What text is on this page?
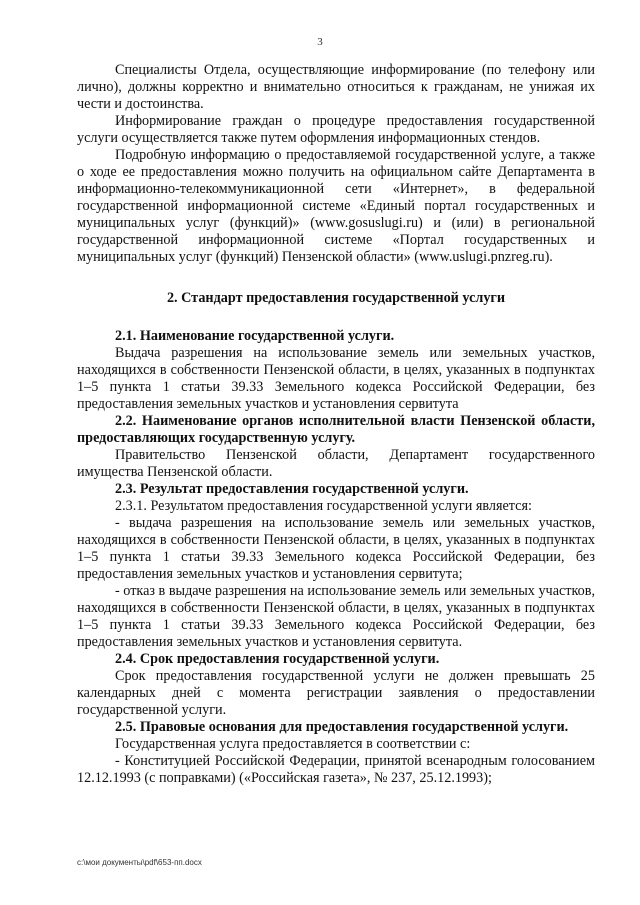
3

Специалисты Отдела, осуществляющие информирование (по телефону или лично), должны корректно и внимательно относиться к гражданам, не унижая их чести и достоинства.

Информирование граждан о процедуре предоставления государственной услуги осуществляется также путем оформления информационных стендов.

Подробную информацию о предоставляемой государственной услуге, а также о ходе ее предоставления можно получить на официальном сайте Департамента в информационно-телекоммуникационной сети «Интернет», в федеральной государственной информационной системе «Единый портал государственных и муниципальных услуг (функций)» (www.gosuslugi.ru) и (или) в региональной государственной информационной системе «Портал государственных и муниципальных услуг (функций) Пензенской области» (www.uslugi.pnzreg.ru).

2. Стандарт предоставления государственной услуги

2.1. Наименование государственной услуги.

Выдача разрешения на использование земель или земельных участков, находящихся в собственности Пензенской области, в целях, указанных в подпунктах 1–5 пункта 1 статьи 39.33 Земельного кодекса Российской Федерации, без предоставления земельных участков и установления сервитута

2.2. Наименование органов исполнительной власти Пензенской области, предоставляющих государственную услугу.

Правительство Пензенской области, Департамент государственного имущества Пензенской области.

2.3. Результат предоставления государственной услуги.

2.3.1. Результатом предоставления государственной услуги является:

- выдача разрешения на использование земель или земельных участков, находящихся в собственности Пензенской области, в целях, указанных в подпунктах 1–5 пункта 1 статьи 39.33 Земельного кодекса Российской Федерации, без предоставления земельных участков и установления сервитута;

- отказ в выдаче разрешения на использование земель или земельных участков, находящихся в собственности Пензенской области, в целях, указанных в подпунктах 1–5 пункта 1 статьи 39.33 Земельного кодекса Российской Федерации, без предоставления земельных участков и установления сервитута.

2.4. Срок предоставления государственной услуги.

Срок предоставления государственной услуги не должен превышать 25 календарных дней с момента регистрации заявления о предоставлении государственной услуги.

2.5. Правовые основания для предоставления государственной услуги.

Государственная услуга предоставляется в соответствии с:

- Конституцией Российской Федерации, принятой всенародным голосованием 12.12.1993 (с поправками) («Российская газета», № 237, 25.12.1993);

c:\мои документы\pdf\653-пп.docx
